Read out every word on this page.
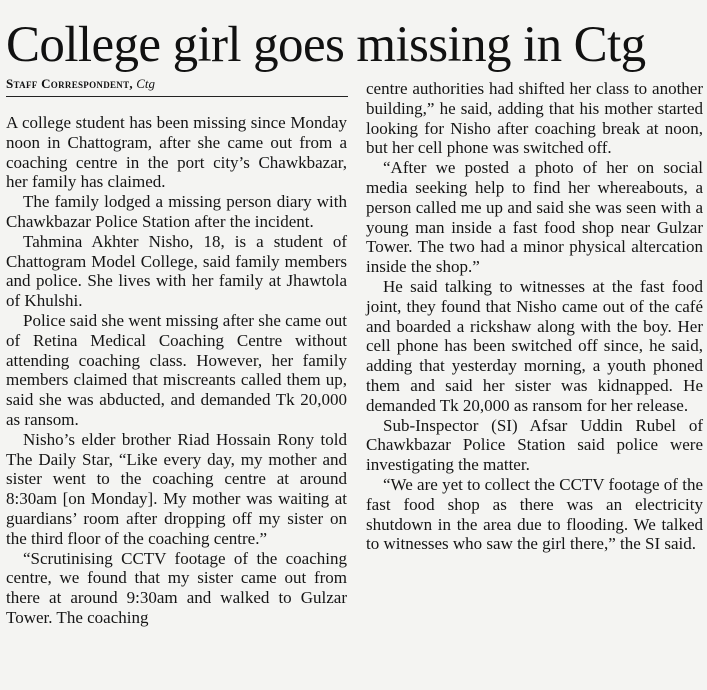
College girl goes missing in Ctg
Staff Correspondent, Ctg

A college student has been missing since Monday noon in Chattogram, after she came out from a coaching centre in the port city’s Chawkbazar, her family has claimed.

The family lodged a missing person diary with Chawkbazar Police Station after the incident.

Tahmina Akhter Nisho, 18, is a student of Chattogram Model College, said family members and police. She lives with her family at Jhawtola of Khulshi.

Police said she went missing after she came out of Retina Medical Coaching Centre without attending coaching class. However, her family members claimed that miscreants called them up, said she was abducted, and demanded Tk 20,000 as ransom.

Nisho’s elder brother Riad Hossain Rony told The Daily Star, “Like every day, my mother and sister went to the coaching centre at around 8:30am [on Monday]. My mother was waiting at guardians’ room after dropping off my sister on the third floor of the coaching centre.”

“Scrutinising CCTV footage of the coaching centre, we found that my sister came out from there at around 9:30am and walked to Gulzar Tower. The coaching

centre authorities had shifted her class to another building,” he said, adding that his mother started looking for Nisho after coaching break at noon, but her cell phone was switched off.

“After we posted a photo of her on social media seeking help to find her whereabouts, a person called me up and said she was seen with a young man inside a fast food shop near Gulzar Tower. The two had a minor physical altercation inside the shop.”

He said talking to witnesses at the fast food joint, they found that Nisho came out of the café and boarded a rickshaw along with the boy. Her cell phone has been switched off since, he said, adding that yesterday morning, a youth phoned them and said her sister was kidnapped. He demanded Tk 20,000 as ransom for her release.

Sub-Inspector (SI) Afsar Uddin Rubel of Chawkbazar Police Station said police were investigating the matter.

“We are yet to collect the CCTV footage of the fast food shop as there was an electricity shutdown in the area due to flooding. We talked to witnesses who saw the girl there,” the SI said.
